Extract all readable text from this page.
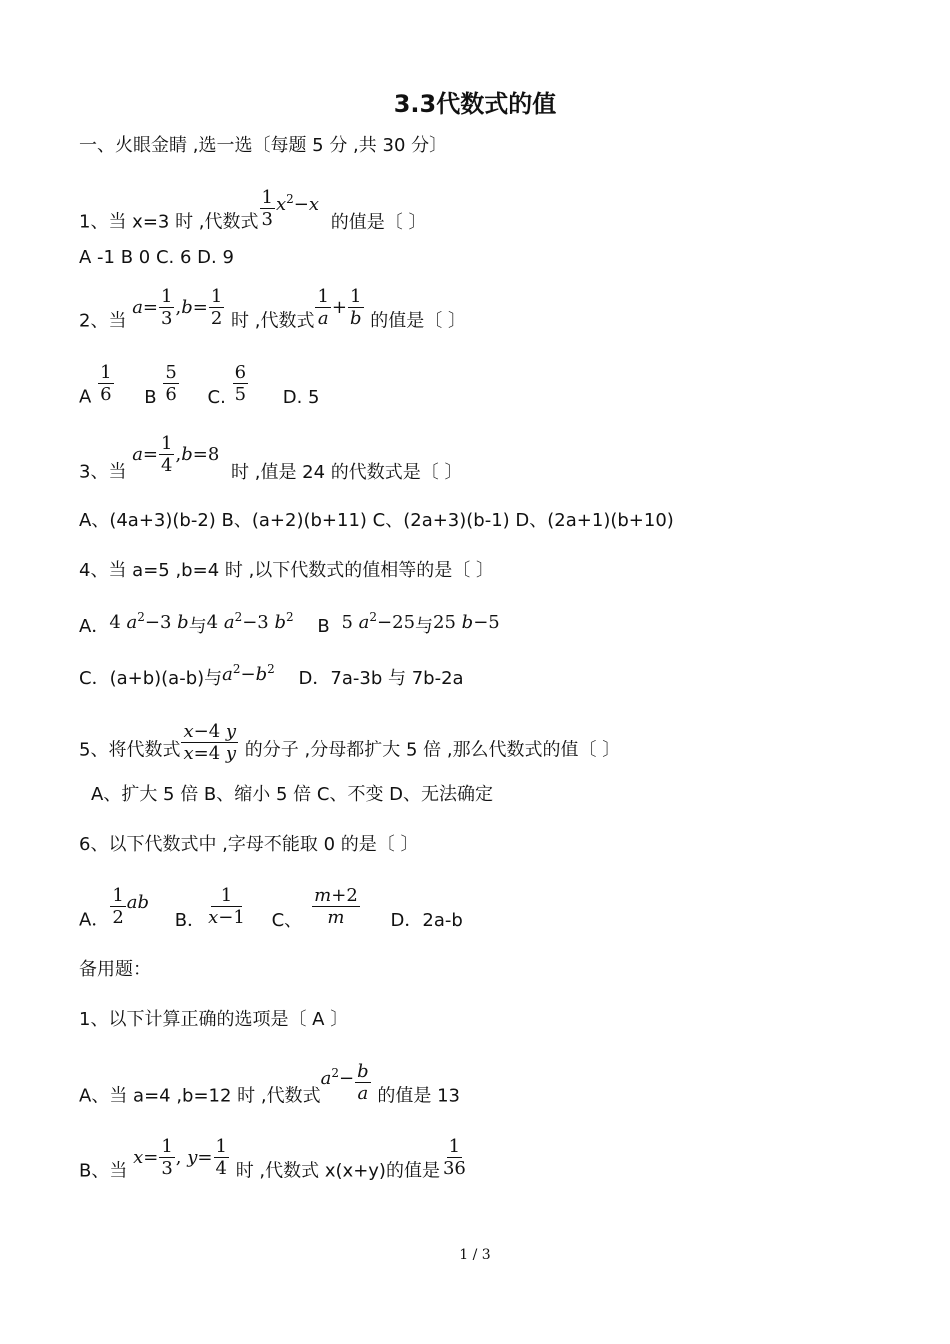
3.3代数式的值
一、火眼金睛 ,选一选〔每题 5 分 ,共 30 分〕
1、当 x=3 时 ,代数式 $\frac{1}{3} x^2-x$ 的值是〔 〕
A -1 B 0 C. 6 D. 9
2、当 $a= \frac{1}{3} ,b= \frac{1}{2}$ 时 ,代数式 $\frac{1}{a} + \frac{1}{b}$ 的值是〔 〕
A $\frac{1}{6}$ B $\frac{5}{6} C$. $\frac{6}{5} D$. 5
3、当 $a= \frac{1}{4} ,b=8$ 时 ,值是 24 的代数式是〔 〕
A、(4a+3)(b-2) B、(a+2)(b+11) C、(2a+3)(b-1) D、(2a+1)(b+10)
4、当 a=5 ,b=4 时 ,以下代数式的值相等的是〔 〕
A．4 $a^2-3$ b与4 $a^2-3$ $b^2$ B 5 $a^2-25$与25 b−5
C．(a+b)(a-b)与$a^2-b^2$ D．7a-3b 与 7b-2a
5、将代数式 $\frac{x-4 y}{x=4 y}$ 的分子 ,分母都扩大 5 倍 ,那么代数式的值〔 〕
A、扩大 5 倍 B、缩小 5 倍 C、不变 D、无法确定
6、以下代数式中 ,字母不能取 0 的是〔 〕
A． $\frac{1}{2}$ ab B． $\frac{1}{x-1}$ C、 $\frac{m+2}{m}$ D．2a-b
备用题：
1、以下计算正确的选项是〔 A 〕
A、当 a=4 ,b=12 时 ,代数式$a^2- \frac{b}{a}$ 的值是 13
B、当 $x= \frac{1}{3}$ , $y= \frac{1}{4}$ 时 ,代数式 x(x+y)的值是 $\frac{1}{36}$
1 / 3
